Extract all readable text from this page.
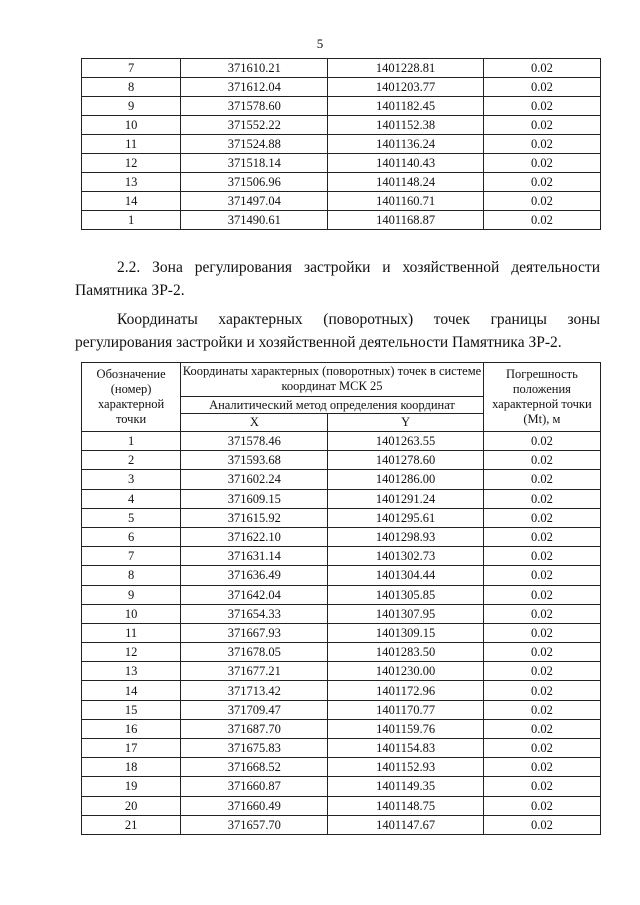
5
7	371610.21	1401228.81	0.02
8	371612.04	1401203.77	0.02
9	371578.60	1401182.45	0.02
10	371552.22	1401152.38	0.02
11	371524.88	1401136.24	0.02
12	371518.14	1401140.43	0.02
13	371506.96	1401148.24	0.02
14	371497.04	1401160.71	0.02
1	371490.61	1401168.87	0.02

2.2. Зона регулирования застройки и хозяйственной деятельности

Памятника ЗР-2.

Координаты характерных (поворотных) точек границы зоны

регулирования застройки и хозяйственной деятельности Памятника ЗР-2.

Обозначение (номер) характерной точки	Координаты характерных (поворотных) точек в системе координат МСК 25		Погрешность положения характерной точки (Mt), м
	Аналитический метод определения координат		
	X	Y	
1	371578.46	1401263.55	0.02
2	371593.68	1401278.60	0.02
3	371602.24	1401286.00	0.02
4	371609.15	1401291.24	0.02
5	371615.92	1401295.61	0.02
6	371622.10	1401298.93	0.02
7	371631.14	1401302.73	0.02
8	371636.49	1401304.44	0.02
9	371642.04	1401305.85	0.02
10	371654.33	1401307.95	0.02
11	371667.93	1401309.15	0.02
12	371678.05	1401283.50	0.02
13	371677.21	1401230.00	0.02
14	371713.42	1401172.96	0.02
15	371709.47	1401170.77	0.02
16	371687.70	1401159.76	0.02
17	371675.83	1401154.83	0.02
18	371668.52	1401152.93	0.02
19	371660.87	1401149.35	0.02
20	371660.49	1401148.75	0.02
21	371657.70	1401147.67	0.02
